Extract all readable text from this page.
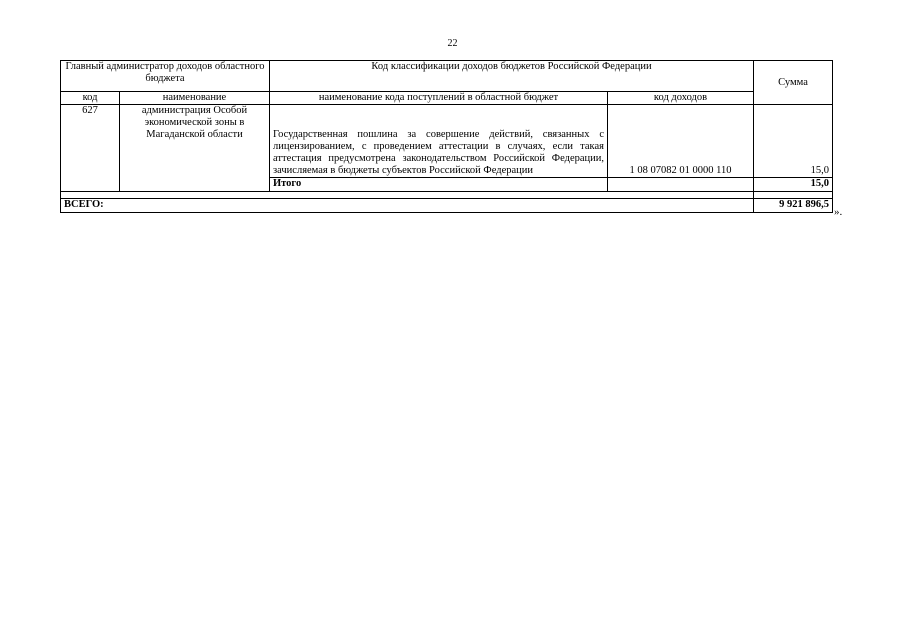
22
Главный администратор доходов областного бюджета		Код классификации доходов бюджетов Российской Федерации		Сумма
код	наименование	наименование кода поступлений в областной бюджет	код доходов	
627	администрация Особой экономической зоны в Магаданской области	Государственная пошлина за совершение действий, связанных с лицензированием, с проведением аттестации в случаях, если такая аттестация предусмотрена законодательством Российской Федерации, зачисляемая в бюджеты субъектов Российской Федерации	1 08 07082 01 0000 110	15,0
		Итого		15,0

ВСЕГО:				9 921 896,5
».
